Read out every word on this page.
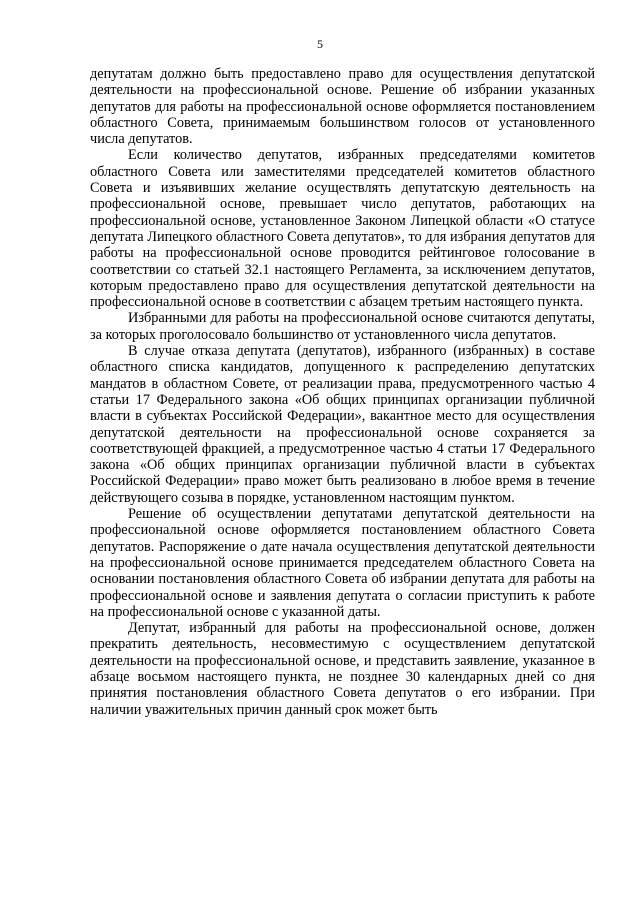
5

депутатам должно быть предоставлено право для осуществления депутатской деятельности на профессиональной основе. Решение об избрании указанных депутатов для работы на профессиональной основе оформляется постановлением областного Совета, принимаемым большинством голосов от установленного числа депутатов.

Если количество депутатов, избранных председателями комитетов областного Совета или заместителями председателей комитетов областного Совета и изъявивших желание осуществлять депутатскую деятельность на профессиональной основе, превышает число депутатов, работающих на профессиональной основе, установленное Законом Липецкой области «О статусе депутата Липецкого областного Совета депутатов», то для избрания депутатов для работы на профессиональной основе проводится рейтинговое голосование в соответствии со статьей 32.1 настоящего Регламента, за исключением депутатов, которым предоставлено право для осуществления депутатской деятельности на профессиональной основе в соответствии с абзацем третьим настоящего пункта.

Избранными для работы на профессиональной основе считаются депутаты, за которых проголосовало большинство от установленного числа депутатов.

В случае отказа депутата (депутатов), избранного (избранных) в составе областного списка кандидатов, допущенного к распределению депутатских мандатов в областном Совете, от реализации права, предусмотренного частью 4 статьи 17 Федерального закона «Об общих принципах организации публичной власти в субъектах Российской Федерации», вакантное место для осуществления депутатской деятельности на профессиональной основе сохраняется за соответствующей фракцией, а предусмотренное частью 4 статьи 17 Федерального закона «Об общих принципах организации публичной власти в субъектах Российской Федерации» право может быть реализовано в любое время в течение действующего созыва в порядке, установленном настоящим пунктом.

Решение об осуществлении депутатами депутатской деятельности на профессиональной основе оформляется постановлением областного Совета депутатов. Распоряжение о дате начала осуществления депутатской деятельности на профессиональной основе принимается председателем областного Совета на основании постановления областного Совета об избрании депутата для работы на профессиональной основе и заявления депутата о согласии приступить к работе на профессиональной основе с указанной даты.

Депутат, избранный для работы на профессиональной основе, должен прекратить деятельность, несовместимую с осуществлением депутатской деятельности на профессиональной основе, и представить заявление, указанное в абзаце восьмом настоящего пункта, не позднее 30 календарных дней со дня принятия постановления областного Совета депутатов о его избрании. При наличии уважительных причин данный срок может быть
